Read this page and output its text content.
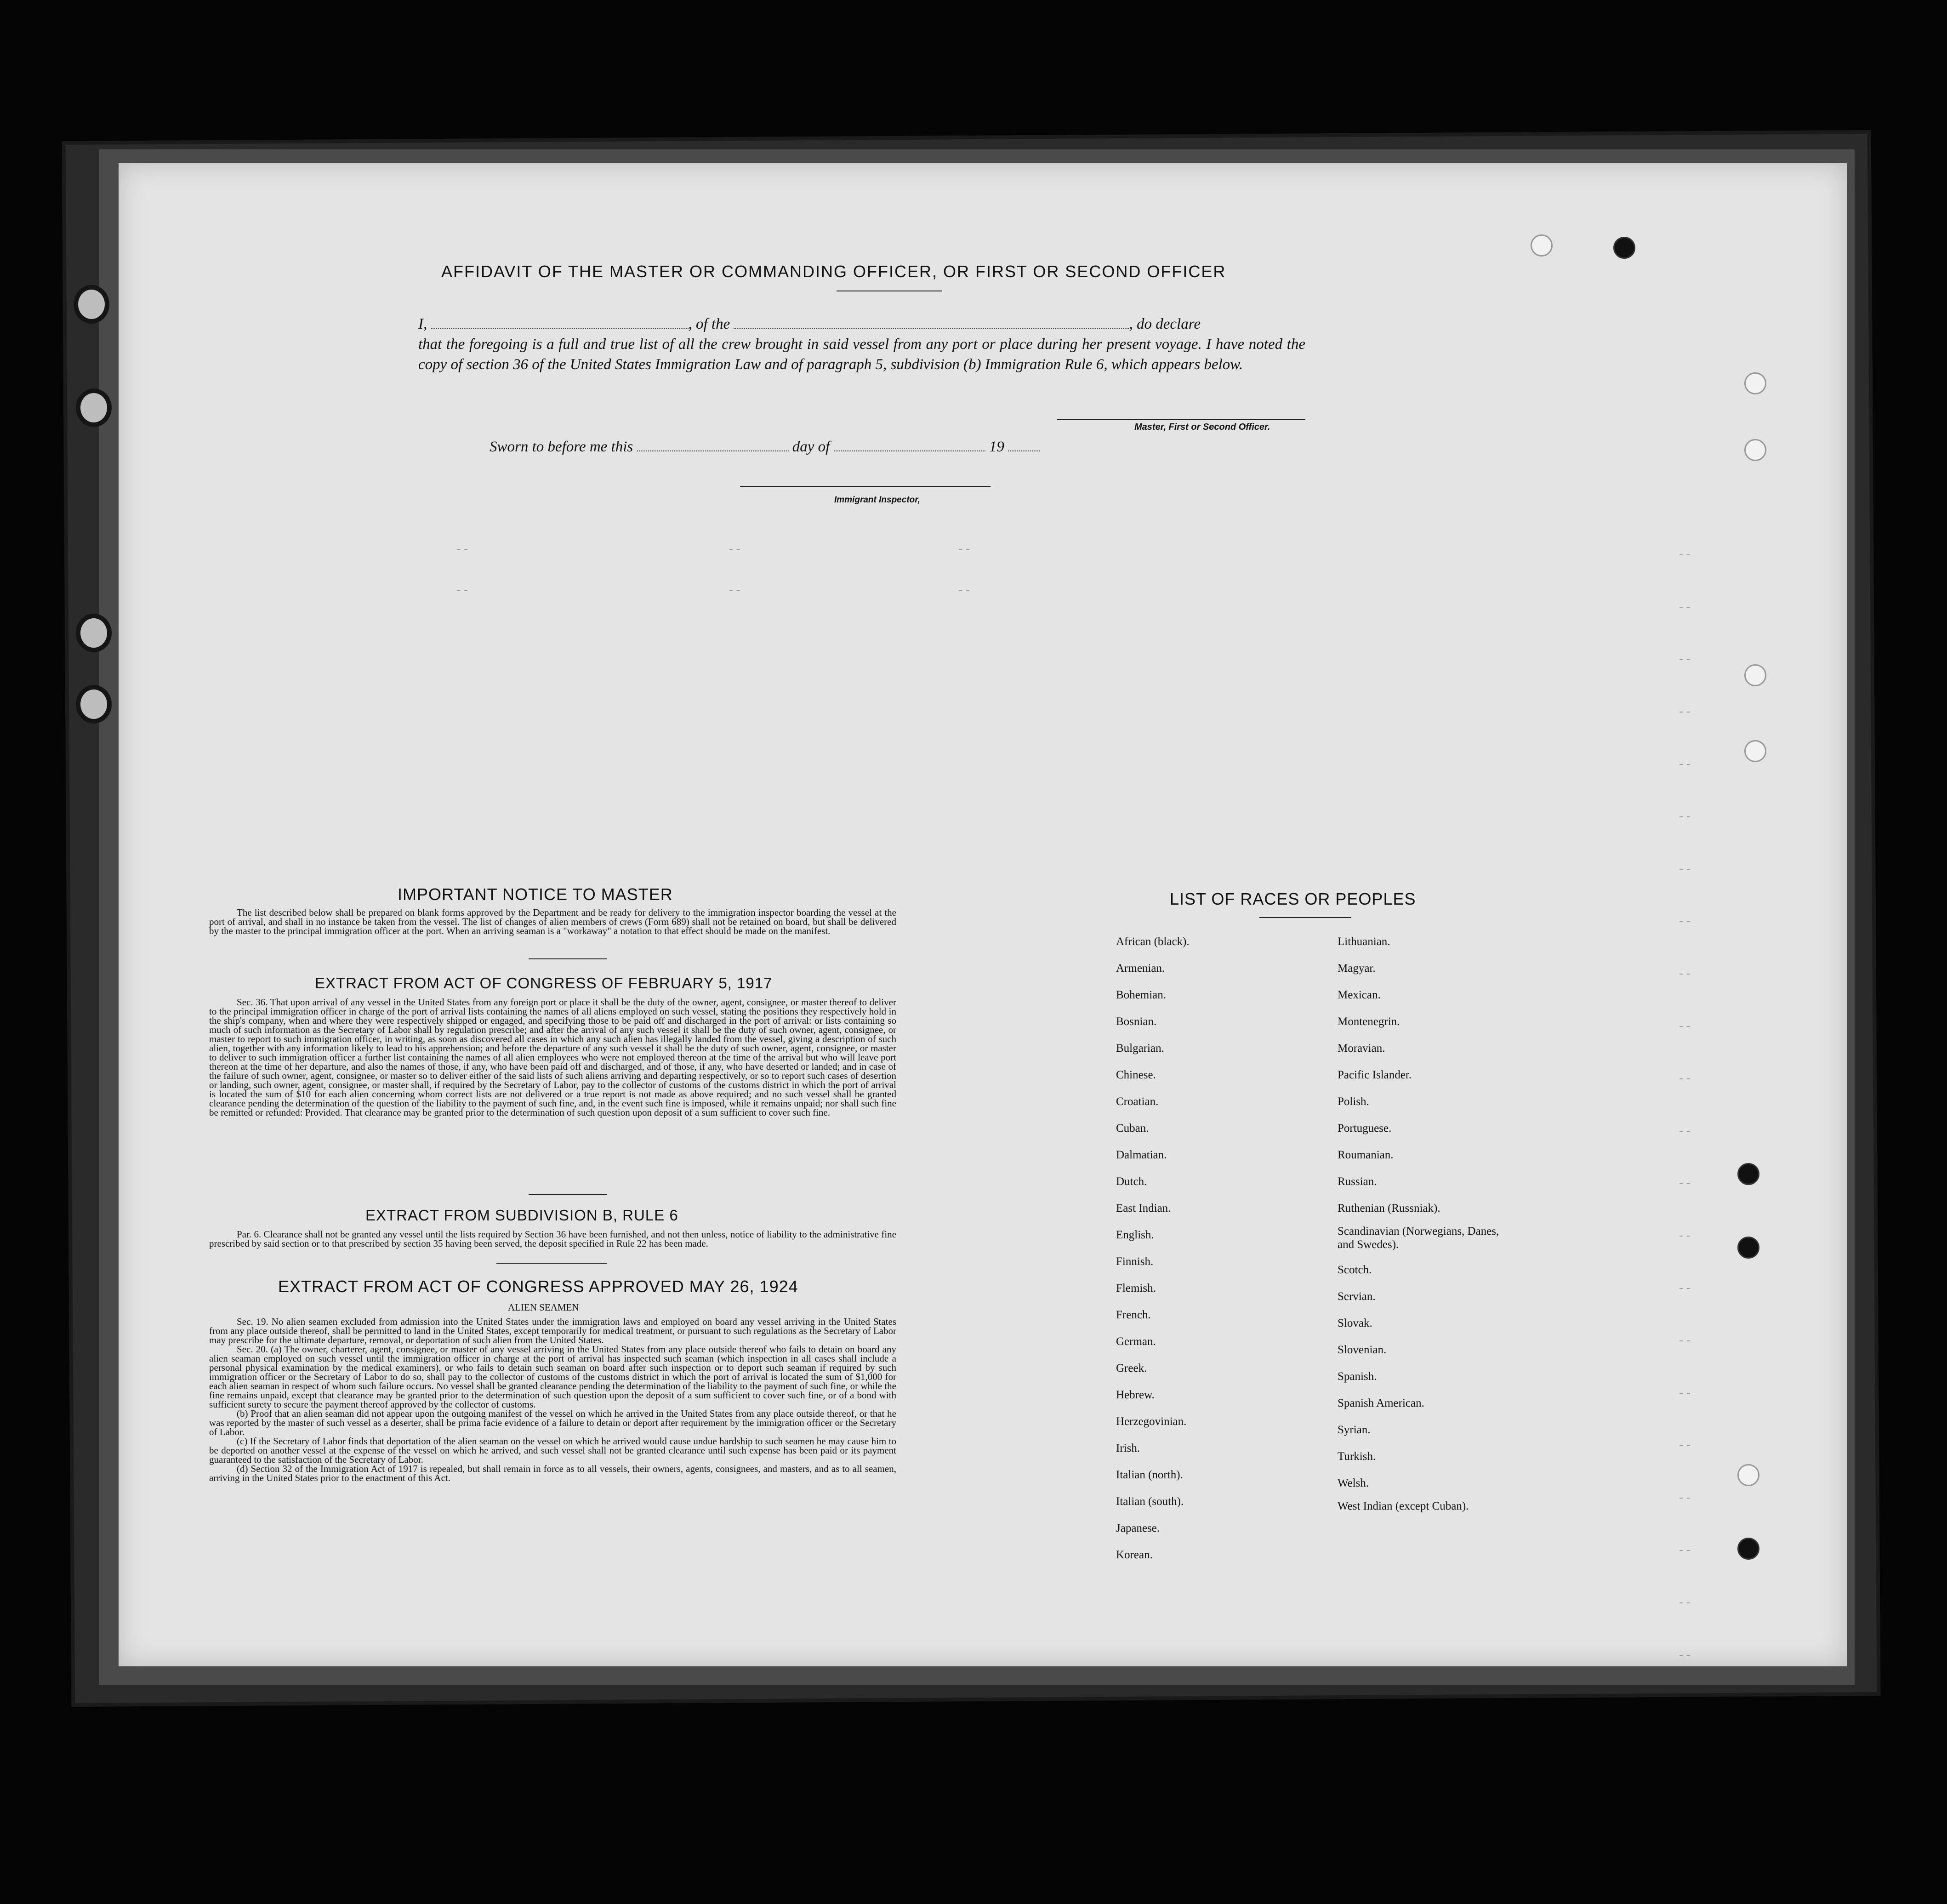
--                                    --                              --
--                                    --                              --
--
--
--
--
--
--
--
--
--
--
--
--
--
--
--
--
--
--
--
--
--
--
AFFIDAVIT OF THE MASTER OR COMMANDING OFFICER, OR FIRST OR SECOND OFFICER
I,	, of the	, do declare
that the foregoing is a full and true list of all the crew brought in said vessel from any port or place during her present voyage. I have noted the copy of section 36 of the United States Immigration Law and of paragraph 5, subdivision (b) Immigration Rule 6, which appears below.
Master, First or Second Officer.
Sworn to before me this	day of	19
Immigrant Inspector,
IMPORTANT NOTICE TO MASTER

The list described below shall be prepared on blank forms approved by the Department and be ready for delivery to the immigration inspector boarding the vessel at the port of arrival, and shall in no instance be taken from the vessel. The list of changes of alien members of crews (Form 689) shall not be retained on board, but shall be delivered by the master to the principal immigration officer at the port. When an arriving seaman is a "workaway" a notation to that effect should be made on the manifest.

EXTRACT FROM ACT OF CONGRESS OF FEBRUARY 5, 1917

Sec. 36. That upon arrival of any vessel in the United States from any foreign port or place it shall be the duty of the owner, agent, consignee, or master thereof to deliver to the principal immigration officer in charge of the port of arrival lists containing the names of all aliens employed on such vessel, stating the positions they respectively hold in the ship's company, when and where they were respectively shipped or engaged, and specifying those to be paid off and discharged in the port of arrival: or lists containing so much of such information as the Secretary of Labor shall by regulation prescribe; and after the arrival of any such vessel it shall be the duty of such owner, agent, consignee, or master to report to such immigration officer, in writing, as soon as discovered all cases in which any such alien has illegally landed from the vessel, giving a description of such alien, together with any information likely to lead to his apprehension; and before the departure of any such vessel it shall be the duty of such owner, agent, consignee, or master to deliver to such immigration officer a further list containing the names of all alien employees who were not employed thereon at the time of the arrival but who will leave port thereon at the time of her departure, and also the names of those, if any, who have been paid off and discharged, and of those, if any, who have deserted or landed; and in case of the failure of such owner, agent, consignee, or master so to deliver either of the said lists of such aliens arriving and departing respectively, or so to report such cases of desertion or landing, such owner, agent, consignee, or master shall, if required by the Secretary of Labor, pay to the collector of customs of the customs district in which the port of arrival is located the sum of $10 for each alien concerning whom correct lists are not delivered or a true report is not made as above required; and no such vessel shall be granted clearance pending the determination of the question of the liability to the payment of such fine, and, in the event such fine is imposed, while it remains unpaid; nor shall such fine be remitted or refunded: Provided. That clearance may be granted prior to the determination of such question upon deposit of a sum sufficient to cover such fine.

EXTRACT FROM SUBDIVISION B, RULE 6

Par. 6. Clearance shall not be granted any vessel until the lists required by Section 36 have been furnished, and not then unless, notice of liability to the administrative fine prescribed by said section or to that prescribed by section 35 having been served, the deposit specified in Rule 22 has been made.

EXTRACT FROM ACT OF CONGRESS APPROVED MAY 26, 1924
ALIEN SEAMEN

Sec. 19. No alien seamen excluded from admission into the United States under the immigration laws and employed on board any vessel arriving in the United States from any place outside thereof, shall be permitted to land in the United States, except temporarily for medical treatment, or pursuant to such regulations as the Secretary of Labor may prescribe for the ultimate departure, removal, or deportation of such alien from the United States.

Sec. 20. (a) The owner, charterer, agent, consignee, or master of any vessel arriving in the United States from any place outside thereof who fails to detain on board any alien seaman employed on such vessel until the immigration officer in charge at the port of arrival has inspected such seaman (which inspection in all cases shall include a personal physical examination by the medical examiners), or who fails to detain such seaman on board after such inspection or to deport such seaman if required by such immigration officer or the Secretary of Labor to do so, shall pay to the collector of customs of the customs district in which the port of arrival is located the sum of $1,000 for each alien seaman in respect of whom such failure occurs. No vessel shall be granted clearance pending the determination of the liability to the payment of such fine, or while the fine remains unpaid, except that clearance may be granted prior to the determination of such question upon the deposit of a sum sufficient to cover such fine, or of a bond with sufficient surety to secure the payment thereof approved by the collector of customs.

(b) Proof that an alien seaman did not appear upon the outgoing manifest of the vessel on which he arrived in the United States from any place outside thereof, or that he was reported by the master of such vessel as a deserter, shall be prima facie evidence of a failure to detain or deport after requirement by the immigration officer or the Secretary of Labor.

(c) If the Secretary of Labor finds that deportation of the alien seaman on the vessel on which he arrived would cause undue hardship to such seamen he may cause him to be deported on another vessel at the expense of the vessel on which he arrived, and such vessel shall not be granted clearance until such expense has been paid or its payment guaranteed to the satisfaction of the Secretary of Labor.

(d) Section 32 of the Immigration Act of 1917 is repealed, but shall remain in force as to all vessels, their owners, agents, consignees, and masters, and as to all seamen, arriving in the United States prior to the enactment of this Act.

LIST OF RACES OR PEOPLES
African (black).
Armenian.
Bohemian.
Bosnian.
Bulgarian.
Chinese.
Croatian.
Cuban.
Dalmatian.
Dutch.
East Indian.
English.
Finnish.
Flemish.
French.
German.
Greek.
Hebrew.
Herzegovinian.
Irish.
Italian (north).
Italian (south).
Japanese.
Korean.
Lithuanian.
Magyar.
Mexican.
Montenegrin.
Moravian.
Pacific Islander.
Polish.
Portuguese.
Roumanian.
Russian.
Ruthenian (Russniak).
Scandinavian (Norwegians, Danes, and Swedes).
Scotch.
Servian.
Slovak.
Slovenian.
Spanish.
Spanish American.
Syrian.
Turkish.
Welsh.
West Indian (except Cuban).
